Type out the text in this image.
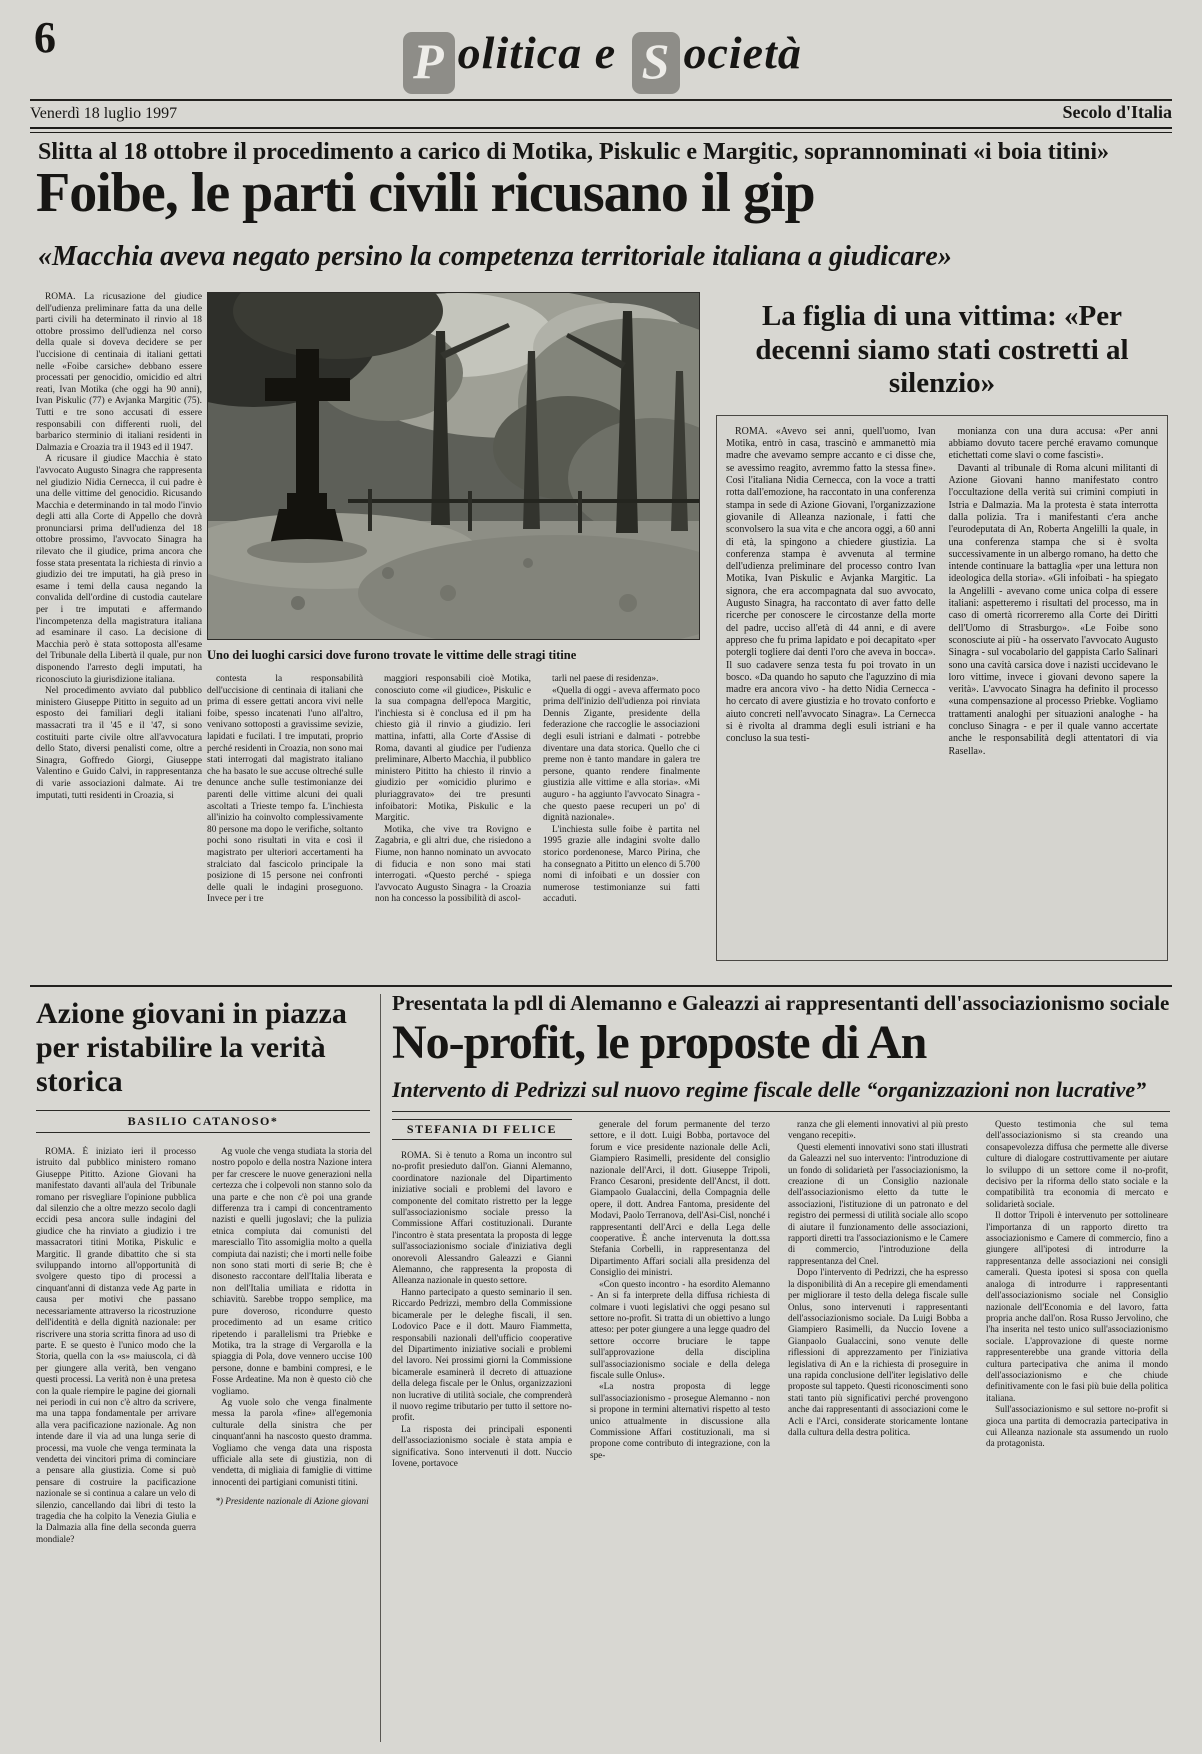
6	P olitica e S ocietà
Venerdì 18 luglio 1997	Secolo d'Italia
Slitta al 18 ottobre il procedimento a carico di Motika, Piskulic e Margitic, soprannominati «i boia titini»
Foibe, le parti civili ricusano il gip
«Macchia aveva negato persino la competenza territoriale italiana a giudicare»

ROMA. La ricusazione del giudice dell'udienza preliminare fatta da una delle parti civili ha determinato il rinvio al 18 ottobre prossimo dell'udienza nel corso della quale si doveva decidere se per l'uccisione di centinaia di italiani gettati nelle «Foibe carsiche» debbano essere processati per genocidio, omicidio ed altri reati, Ivan Motika (che oggi ha 90 anni), Ivan Piskulic (77) e Avjanka Margitic (75). Tutti e tre sono accusati di essere responsabili con differenti ruoli, del barbarico sterminio di italiani residenti in Dalmazia e Croazia tra il 1943 ed il 1947.

A ricusare il giudice Macchia è stato l'avvocato Augusto Sinagra che rappresenta nel giudizio Nidia Cernecca, il cui padre è una delle vittime del genocidio. Ricusando Macchia e determinando in tal modo l'invio degli atti alla Corte di Appello che dovrà pronunciarsi prima dell'udienza del 18 ottobre prossimo, l'avvocato Sinagra ha rilevato che il giudice, prima ancora che fosse stata presentata la richiesta di rinvio a giudizio dei tre imputati, ha già preso in esame i temi della causa negando la convalida dell'ordine di custodia cautelare per i tre imputati e affermando l'incompetenza della magistratura italiana ad esaminare il caso. La decisione di Macchia però è stata sottoposta all'esame del Tribunale della Libertà il quale, pur non disponendo l'arresto degli imputati, ha riconosciuto la giurisdizione italiana.

Nel procedimento avviato dal pubblico ministero Giuseppe Pititto in seguito ad un esposto dei familiari degli italiani massacrati tra il '45 e il '47, si sono costituiti parte civile oltre all'avvocatura dello Stato, diversi penalisti come, oltre a Sinagra, Goffredo Giorgi, Giuseppe Valentino e Guido Calvi, in rappresentanza di varie associazioni dalmate. Ai tre imputati, tutti residenti in Croazia, si

Uno dei luoghi carsici dove furono trovate le vittime delle stragi titine

contesta la responsabilità dell'uccisione di centinaia di italiani che prima di essere gettati ancora vivi nelle foibe, spesso incatenati l'uno all'altro, venivano sottoposti a gravissime sevizie, lapidati e fucilati. I tre imputati, proprio perché residenti in Croazia, non sono mai stati interrogati dal magistrato italiano che ha basato le sue accuse oltreché sulle denunce anche sulle testimonianze dei parenti delle vittime alcuni dei quali ascoltati a Trieste tempo fa. L'inchiesta all'inizio ha coinvolto complessivamente 80 persone ma dopo le verifiche, soltanto pochi sono risultati in vita e così il magistrato per ulteriori accertamenti ha stralciato dal fascicolo principale la posizione di 15 persone nei confronti delle quali le indagini proseguono. Invece per i tre

maggiori responsabili cioè Motika, conosciuto come «il giudice», Piskulic e la sua compagna dell'epoca Margitic, l'inchiesta si è conclusa ed il pm ha chiesto già il rinvio a giudizio. Ieri mattina, infatti, alla Corte d'Assise di Roma, davanti al giudice per l'udienza preliminare, Alberto Macchia, il pubblico ministero Pititto ha chiesto il rinvio a giudizio per «omicidio plurimo e pluriaggravato» dei tre presunti infoibatori: Motika, Piskulic e la Margitic.

Motika, che vive tra Rovigno e Zagabria, e gli altri due, che risiedono a Fiume, non hanno nominato un avvocato di fiducia e non sono mai stati interrogati. «Questo perché - spiega l'avvocato Augusto Sinagra - la Croazia non ha concesso la possibilità di ascol-

tarli nel paese di residenza».

«Quella di oggi - aveva affermato poco prima dell'inizio dell'udienza poi rinviata Dennis Zigante, presidente della federazione che raccoglie le associazioni degli esuli istriani e dalmati - potrebbe diventare una data storica. Quello che ci preme non è tanto mandare in galera tre persone, quanto rendere finalmente giustizia alle vittime e alla storia». «Mi auguro - ha aggiunto l'avvocato Sinagra - che questo paese recuperi un po' di dignità nazionale».

L'inchiesta sulle foibe è partita nel 1995 grazie alle indagini svolte dallo storico pordenonese, Marco Pirina, che ha consegnato a Pititto un elenco di 5.700 nomi di infoibati e un dossier con numerose testimonianze sui fatti accaduti.

La figlia di una vittima: «Per decenni siamo stati costretti al silenzio»

ROMA. «Avevo sei anni, quell'uomo, Ivan Motika, entrò in casa, trascinò e ammanettò mia madre che avevamo sempre accanto e ci disse che, se avessimo reagito, avremmo fatto la stessa fine». Così l'italiana Nidia Cernecca, con la voce a tratti rotta dall'emozione, ha raccontato in una conferenza stampa in sede di Azione Giovani, l'organizzazione giovanile di Alleanza nazionale, i fatti che sconvolsero la sua vita e che ancora oggi, a 60 anni di età, la spingono a chiedere giustizia. La conferenza stampa è avvenuta al termine dell'udienza preliminare del processo contro Ivan Motika, Ivan Piskulic e Avjanka Margitic. La signora, che era accompagnata dal suo avvocato, Augusto Sinagra, ha raccontato di aver fatto delle ricerche per conoscere le circostanze della morte del padre, ucciso all'età di 44 anni, e di avere appreso che fu prima lapidato e poi decapitato «per potergli togliere dai denti l'oro che aveva in bocca». Il suo cadavere senza testa fu poi trovato in un bosco. «Da quando ho saputo che l'aguzzino di mia madre era ancora vivo - ha detto Nidia Cernecca - ho cercato di avere giustizia e ho trovato conforto e aiuto concreti nell'avvocato Sinagra». La Cernecca si è rivolta al dramma degli esuli istriani e ha concluso la sua testi-

monianza con una dura accusa: «Per anni abbiamo dovuto tacere perché eravamo comunque etichettati come slavi o come fascisti».

Davanti al tribunale di Roma alcuni militanti di Azione Giovani hanno manifestato contro l'occultazione della verità sui crimini compiuti in Istria e Dalmazia. Ma la protesta è stata interrotta dalla polizia. Tra i manifestanti c'era anche l'eurodeputata di An, Roberta Angelilli la quale, in una conferenza stampa che si è svolta successivamente in un albergo romano, ha detto che intende continuare la battaglia «per una lettura non ideologica della storia». «Gli infoibati - ha spiegato la Angelilli - avevano come unica colpa di essere italiani: aspetteremo i risultati del processo, ma in caso di omertà ricorreremo alla Corte dei Diritti dell'Uomo di Strasburgo». «Le Foibe sono sconosciute ai più - ha osservato l'avvocato Augusto Sinagra - sul vocabolario del gappista Carlo Salinari sono una cavità carsica dove i nazisti uccidevano le loro vittime, invece i giovani devono sapere la verità». L'avvocato Sinagra ha definito il processo «una compensazione al processo Priebke. Vogliamo trattamenti analoghi per situazioni analoghe - ha concluso Sinagra - e per il quale vanno accertate anche le responsabilità degli attentatori di via Rasella».

Azione giovani in piazza per ristabilire la verità storica
BASILIO CATANOSO*

ROMA. È iniziato ieri il processo istruito dal pubblico ministero romano Giuseppe Pititto. Azione Giovani ha manifestato davanti all'aula del Tribunale romano per risvegliare l'opinione pubblica dal silenzio che a oltre mezzo secolo dagli eccidi pesa ancora sulle indagini del giudice che ha rinviato a giudizio i tre massacratori titini Motika, Piskulic e Margitic. Il grande dibattito che si sta sviluppando intorno all'opportunità di svolgere questo tipo di processi a cinquant'anni di distanza vede Ag parte in causa per motivi che passano necessariamente attraverso la ricostruzione dell'identità e della dignità nazionale: per riscrivere una storia scritta finora ad uso di parte. E se questo è l'unico modo che la Storia, quella con la «s» maiuscola, ci dà per giungere alla verità, ben vengano questi processi. La verità non è una pretesa con la quale riempire le pagine dei giornali nei periodi in cui non c'è altro da scrivere, ma una tappa fondamentale per arrivare alla vera pacificazione nazionale. Ag non intende dare il via ad una lunga serie di processi, ma vuole che venga terminata la vendetta dei vincitori prima di cominciare a pensare alla giustizia. Come si può pensare di costruire la pacificazione nazionale se si continua a calare un velo di silenzio, cancellando dai libri di testo la tragedia che ha colpito la Venezia Giulia e la Dalmazia alla fine della seconda guerra mondiale?

Ag vuole che venga studiata la storia del nostro popolo e della nostra Nazione intera per far crescere le nuove generazioni nella certezza che i colpevoli non stanno solo da una parte e che non c'è poi una grande differenza tra i campi di concentramento nazisti e quelli jugoslavi; che la pulizia etnica compiuta dai comunisti del maresciallo Tito assomiglia molto a quella compiuta dai nazisti; che i morti nelle foibe non sono stati morti di serie B; che è disonesto raccontare dell'Italia liberata e non dell'Italia umiliata e ridotta in schiavitù. Sarebbe troppo semplice, ma pure doveroso, ricondurre questo procedimento ad un esame critico ripetendo i parallelismi tra Priebke e Motika, tra la strage di Vergarolla e la spiaggia di Pola, dove vennero uccise 100 persone, donne e bambini compresi, e le Fosse Ardeatine. Ma non è questo ciò che vogliamo.

Ag vuole solo che venga finalmente messa la parola «fine» all'egemonia culturale della sinistra che per cinquant'anni ha nascosto questo dramma. Vogliamo che venga data una risposta ufficiale alla sete di giustizia, non di vendetta, di migliaia di famiglie di vittime innocenti dei partigiani comunisti titini.

*) Presidente nazionale di Azione giovani
Presentata la pdl di Alemanno e Galeazzi ai rappresentanti dell'associazionismo sociale
No-profit, le proposte di An
Intervento di Pedrizzi sul nuovo regime fiscale delle “organizzazioni non lucrative”
STEFANIA DI FELICE

ROMA. Si è tenuto a Roma un incontro sul no-profit presieduto dall'on. Gianni Alemanno, coordinatore nazionale del Dipartimento iniziative sociali e problemi del lavoro e componente del comitato ristretto per la legge sull'associazionismo sociale presso la Commissione Affari costituzionali. Durante l'incontro è stata presentata la proposta di legge sull'associazionismo sociale d'iniziativa degli onorevoli Alessandro Galeazzi e Gianni Alemanno, che rappresenta la proposta di Alleanza nazionale in questo settore.

Hanno partecipato a questo seminario il sen. Riccardo Pedrizzi, membro della Commissione bicamerale per le deleghe fiscali, il sen. Lodovico Pace e il dott. Mauro Fiammetta, responsabili nazionali dell'ufficio cooperative del Dipartimento iniziative sociali e problemi del lavoro. Nei prossimi giorni la Commissione bicamerale esaminerà il decreto di attuazione della delega fiscale per le Onlus, organizzazioni non lucrative di utilità sociale, che comprenderà il nuovo regime tributario per tutto il settore no-profit.

La risposta dei principali esponenti dell'associazionismo sociale è stata ampia e significativa. Sono intervenuti il dott. Nuccio Iovene, portavoce

generale del forum permanente del terzo settore, e il dott. Luigi Bobba, portavoce del forum e vice presidente nazionale delle Acli, Giampiero Rasimelli, presidente del consiglio nazionale dell'Arci, il dott. Giuseppe Tripoli, Franco Cesaroni, presidente dell'Ancst, il dott. Giampaolo Gualaccini, della Compagnia delle opere, il dott. Andrea Fantoma, presidente del Modavi, Paolo Terranova, dell'Asi-Cisl, nonché i rappresentanti dell'Arci e della Lega delle cooperative. È anche intervenuta la dott.ssa Stefania Corbelli, in rappresentanza del Dipartimento Affari sociali alla presidenza del Consiglio dei ministri.

«Con questo incontro - ha esordito Alemanno - An si fa interprete della diffusa richiesta di colmare i vuoti legislativi che oggi pesano sul settore no-profit. Si tratta di un obiettivo a lungo atteso: per poter giungere a una legge quadro del settore occorre bruciare le tappe sull'approvazione della disciplina sull'associazionismo sociale e della delega fiscale sulle Onlus».

«La nostra proposta di legge sull'associazionismo - prosegue Alemanno - non si propone in termini alternativi rispetto al testo unico attualmente in discussione alla Commissione Affari costituzionali, ma si propone come contributo di integrazione, con la spe-

ranza che gli elementi innovativi al più presto vengano recepiti».

Questi elementi innovativi sono stati illustrati da Galeazzi nel suo intervento: l'introduzione di un fondo di solidarietà per l'associazionismo, la creazione di un Consiglio nazionale dell'associazionismo eletto da tutte le associazioni, l'istituzione di un patronato e del registro dei permessi di utilità sociale allo scopo di aiutare il funzionamento delle associazioni, rapporti diretti tra l'associazionismo e le Camere di commercio, l'introduzione della rappresentanza del Cnel.

Dopo l'intervento di Pedrizzi, che ha espresso la disponibilità di An a recepire gli emendamenti per migliorare il testo della delega fiscale sulle Onlus, sono intervenuti i rappresentanti dell'associazionismo sociale. Da Luigi Bobba a Giampiero Rasimelli, da Nuccio Iovene a Gianpaolo Gualaccini, sono venute delle riflessioni di apprezzamento per l'iniziativa legislativa di An e la richiesta di proseguire in una rapida conclusione dell'iter legislativo delle proposte sul tappeto. Questi riconoscimenti sono stati tanto più significativi perché provengono anche dai rappresentanti di associazioni come le Acli e l'Arci, considerate storicamente lontane dalla cultura della destra politica.

Questo testimonia che sul tema dell'associazionismo si sta creando una consapevolezza diffusa che permette alle diverse culture di dialogare costruttivamente per aiutare lo sviluppo di un settore come il no-profit, decisivo per la riforma dello stato sociale e la compatibilità tra economia di mercato e solidarietà sociale.

Il dottor Tripoli è intervenuto per sottolineare l'importanza di un rapporto diretto tra associazionismo e Camere di commercio, fino a giungere all'ipotesi di introdurre la rappresentanza delle associazioni nei consigli camerali. Questa ipotesi si sposa con quella analoga di introdurre i rappresentanti dell'associazionismo sociale nel Consiglio nazionale dell'Economia e del lavoro, fatta propria anche dall'on. Rosa Russo Jervolino, che l'ha inserita nel testo unico sull'associazionismo sociale. L'approvazione di queste norme rappresenterebbe una grande vittoria della cultura partecipativa che anima il mondo dell'associazionismo e che chiude definitivamente con le fasi più buie della politica italiana.

Sull'associazionismo e sul settore no-profit si gioca una partita di democrazia partecipativa in cui Alleanza nazionale sta assumendo un ruolo da protagonista.
